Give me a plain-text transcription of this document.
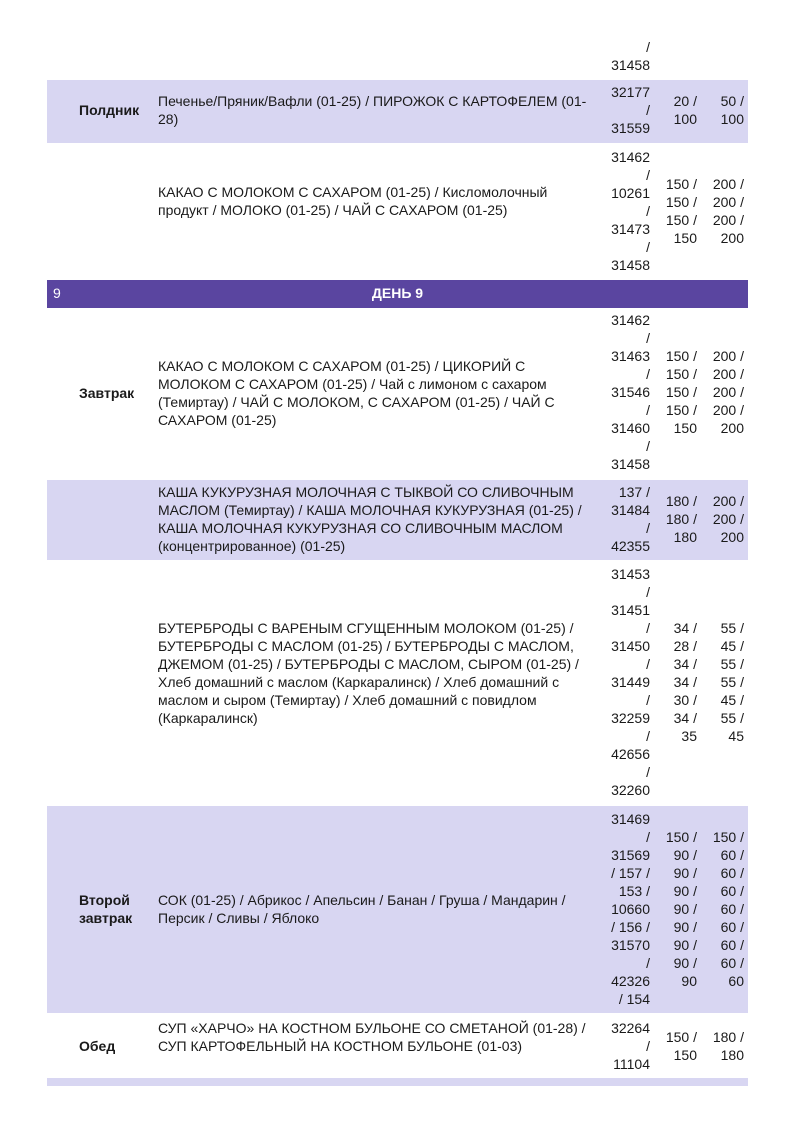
/
31458
Полдник
Печенье/Пряник/Вафли (01-25) / ПИРОЖОК С КАРТОФЕЛЕМ (01-28)
32177
/
31559
20 /
100
50 /
100
КАКАО С МОЛОКОМ С САХАРОМ (01-25) / Кисломолочный продукт / МОЛОКО (01-25) / ЧАЙ С САХАРОМ (01-25)
31462
/
10261
/
31473
/
31458
150 /
150 /
150 /
150
200 /
200 /
200 /
200
9	ДЕНЬ 9
Завтрак
КАКАО С МОЛОКОМ С САХАРОМ (01-25) / ЦИКОРИЙ С МОЛОКОМ С САХАРОМ (01-25) / Чай с лимоном с сахаром (Темиртау) / ЧАЙ С МОЛОКОМ, С САХАРОМ (01-25) / ЧАЙ С САХАРОМ (01-25)
31462
/
31463
/
31546
/
31460
/
31458
150 /
150 /
150 /
150 /
150
200 /
200 /
200 /
200 /
200
КАША КУКУРУЗНАЯ МОЛОЧНАЯ С ТЫКВОЙ СО СЛИВОЧНЫМ МАСЛОМ (Темиртау) / КАША МОЛОЧНАЯ КУКУРУЗНАЯ (01-25) / КАША МОЛОЧНАЯ КУКУРУЗНАЯ СО СЛИВОЧНЫМ МАСЛОМ (концентрированное) (01-25)
137 /
31484
/
42355
180 /
180 /
180
200 /
200 /
200
БУТЕРБРОДЫ С ВАРЕНЫМ СГУЩЕННЫМ МОЛОКОМ (01-25) / БУТЕРБРОДЫ С МАСЛОМ (01-25) / БУТЕРБРОДЫ С МАСЛОМ, ДЖЕМОМ (01-25) / БУТЕРБРОДЫ С МАСЛОМ, СЫРОМ (01-25) / Хлеб домашний с маслом (Каркаралинск) / Хлеб домашний с маслом и сыром (Темиртау) / Хлеб домашний с повидлом (Каркаралинск)
31453
/
31451
/
31450
/
31449
/
32259
/
42656
/
32260
34 /
28 /
34 /
34 /
30 /
34 /
35
55 /
45 /
55 /
55 /
45 /
55 /
45
Второй завтрак
СОК (01-25) / Абрикос / Апельсин / Банан / Груша / Мандарин / Персик / Сливы / Яблоко
31469
/
31569
/ 157 /
153 /
10660
/ 156 /
31570
/
42326
/ 154
150 /
90 /
90 /
90 /
90 /
90 /
90 /
90 /
90
150 /
60 /
60 /
60 /
60 /
60 /
60 /
60 /
60
Обед
СУП «ХАРЧО» НА КОСТНОМ БУЛЬОНЕ СО СМЕТАНОЙ (01-28) / СУП КАРТОФЕЛЬНЫЙ НА КОСТНОМ БУЛЬОНЕ (01-03)
32264
/
11104
150 /
150
180 /
180
